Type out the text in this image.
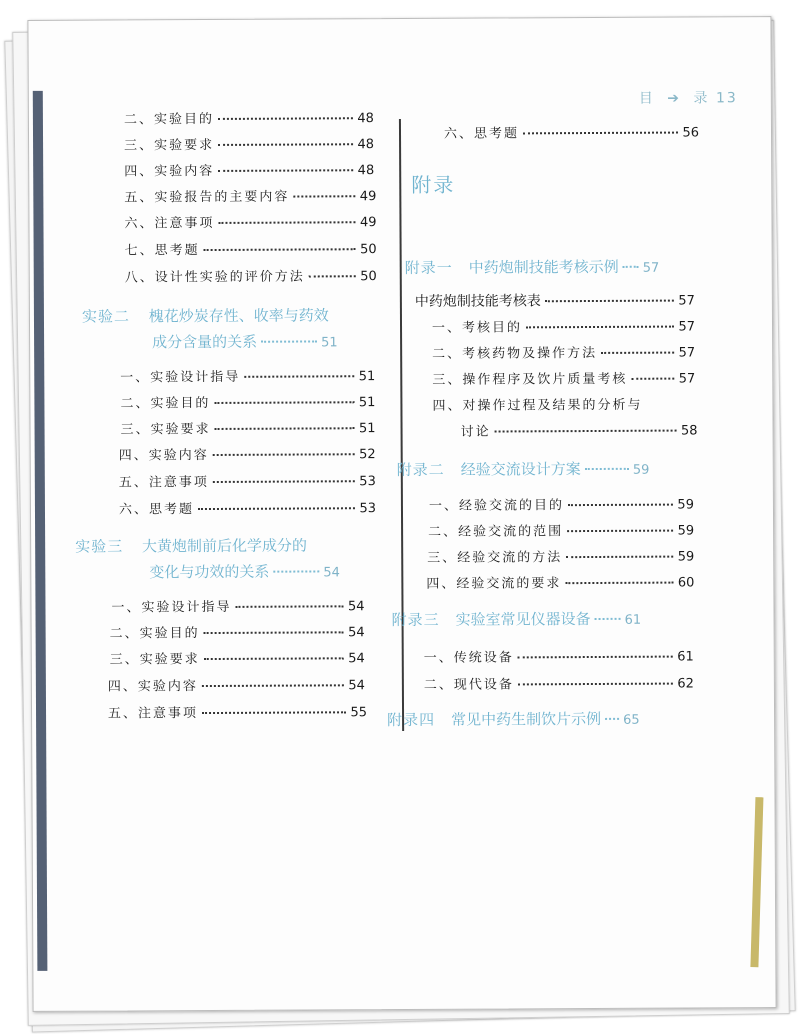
目 ➔ 录 13
二、实验目的	48
三、实验要求	48
四、实验内容	48
五、实验报告的主要内容	49
六、注意事项	49
七、思考题	50
八、设计性实验的评价方法	50
实验二 槐花炒炭存性、收率与药效
成分含量的关系	51
一、实验设计指导	51
二、实验目的	51
三、实验要求	51
四、实验内容	52
五、注意事项	53
六、思考题	53
实验三 大黄炮制前后化学成分的
变化与功效的关系	54
一、实验设计指导	54
二、实验目的	54
三、实验要求	54
四、实验内容	54
五、注意事项	55
六、思考题	56
附录
附录一 中药炮制技能考核示例 57
中药炮制技能考核表	57
一、考核目的	57
二、考核药物及操作方法	57
三、操作程序及饮片质量考核	57
四、对操作过程及结果的分析与
讨论	58
附录二 经验交流设计方案	59
一、经验交流的目的	59
二、经验交流的范围	59
三、经验交流的方法	59
四、经验交流的要求	60
附录三 实验室常见仪器设备	61
一、传统设备	61
二、现代设备	62
附录四 常见中药生制饮片示例 65
